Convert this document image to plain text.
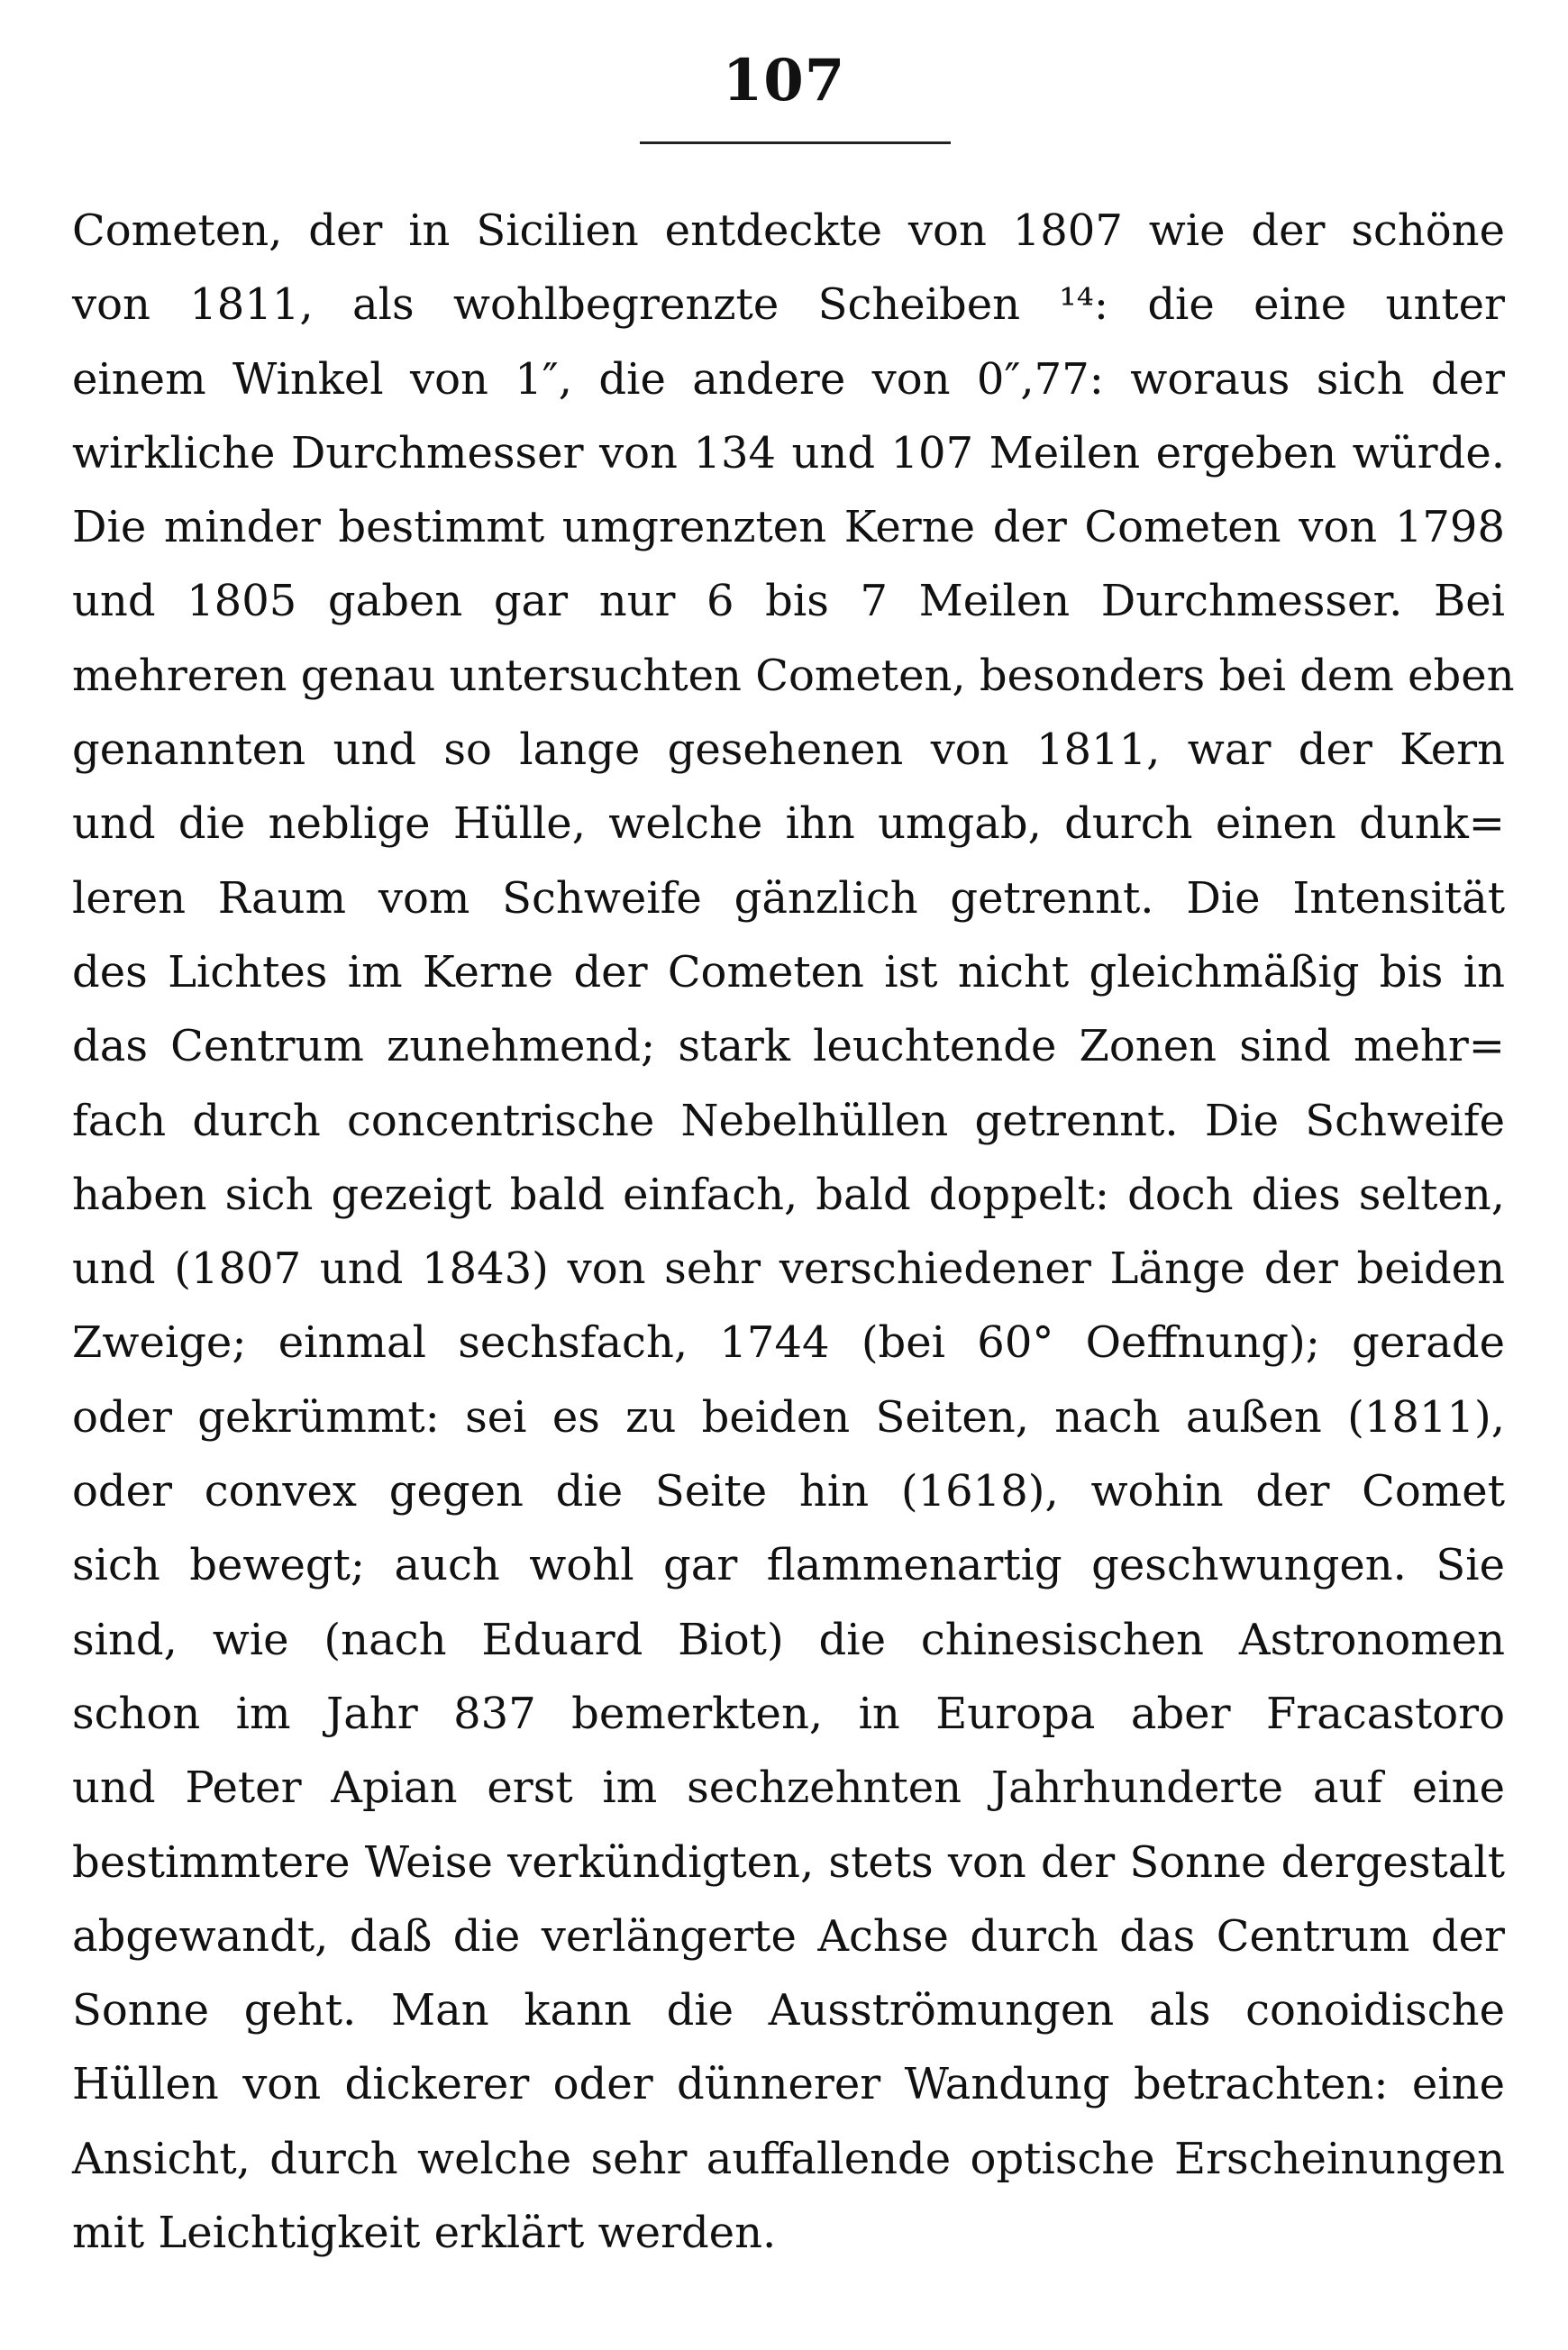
107
Cometen, der in Sicilien entdeckte von 1807 wie der schöne
von 1811, als wohlbegrenzte Scheiben ¹⁴: die eine unter
einem Winkel von 1″, die andere von 0″,77: woraus sich der
wirkliche Durchmesser von 134 und 107 Meilen ergeben würde.
Die minder bestimmt umgrenzten Kerne der Cometen von 1798
und 1805 gaben gar nur 6 bis 7 Meilen Durchmesser. Bei
mehreren genau untersuchten Cometen, besonders bei dem eben
genannten und so lange gesehenen von 1811, war der Kern
und die neblige Hülle, welche ihn umgab, durch einen dunk=
leren Raum vom Schweife gänzlich getrennt. Die Intensität
des Lichtes im Kerne der Cometen ist nicht gleichmäßig bis in
das Centrum zunehmend; stark leuchtende Zonen sind mehr=
fach durch concentrische Nebelhüllen getrennt. Die Schweife
haben sich gezeigt bald einfach, bald doppelt: doch dies selten,
und (1807 und 1843) von sehr verschiedener Länge der beiden
Zweige; einmal sechsfach, 1744 (bei 60° Oeffnung); gerade
oder gekrümmt: sei es zu beiden Seiten, nach außen (1811),
oder convex gegen die Seite hin (1618), wohin der Comet
sich bewegt; auch wohl gar flammenartig geschwungen. Sie
sind, wie (nach Eduard Biot) die chinesischen Astronomen
schon im Jahr 837 bemerkten, in Europa aber Fracastoro
und Peter Apian erst im sechzehnten Jahrhunderte auf eine
bestimmtere Weise verkündigten, stets von der Sonne dergestalt
abgewandt, daß die verlängerte Achse durch das Centrum der
Sonne geht. Man kann die Ausströmungen als conoidische
Hüllen von dickerer oder dünnerer Wandung betrachten: eine
Ansicht, durch welche sehr auffallende optische Erscheinungen
mit Leichtigkeit erklärt werden.
